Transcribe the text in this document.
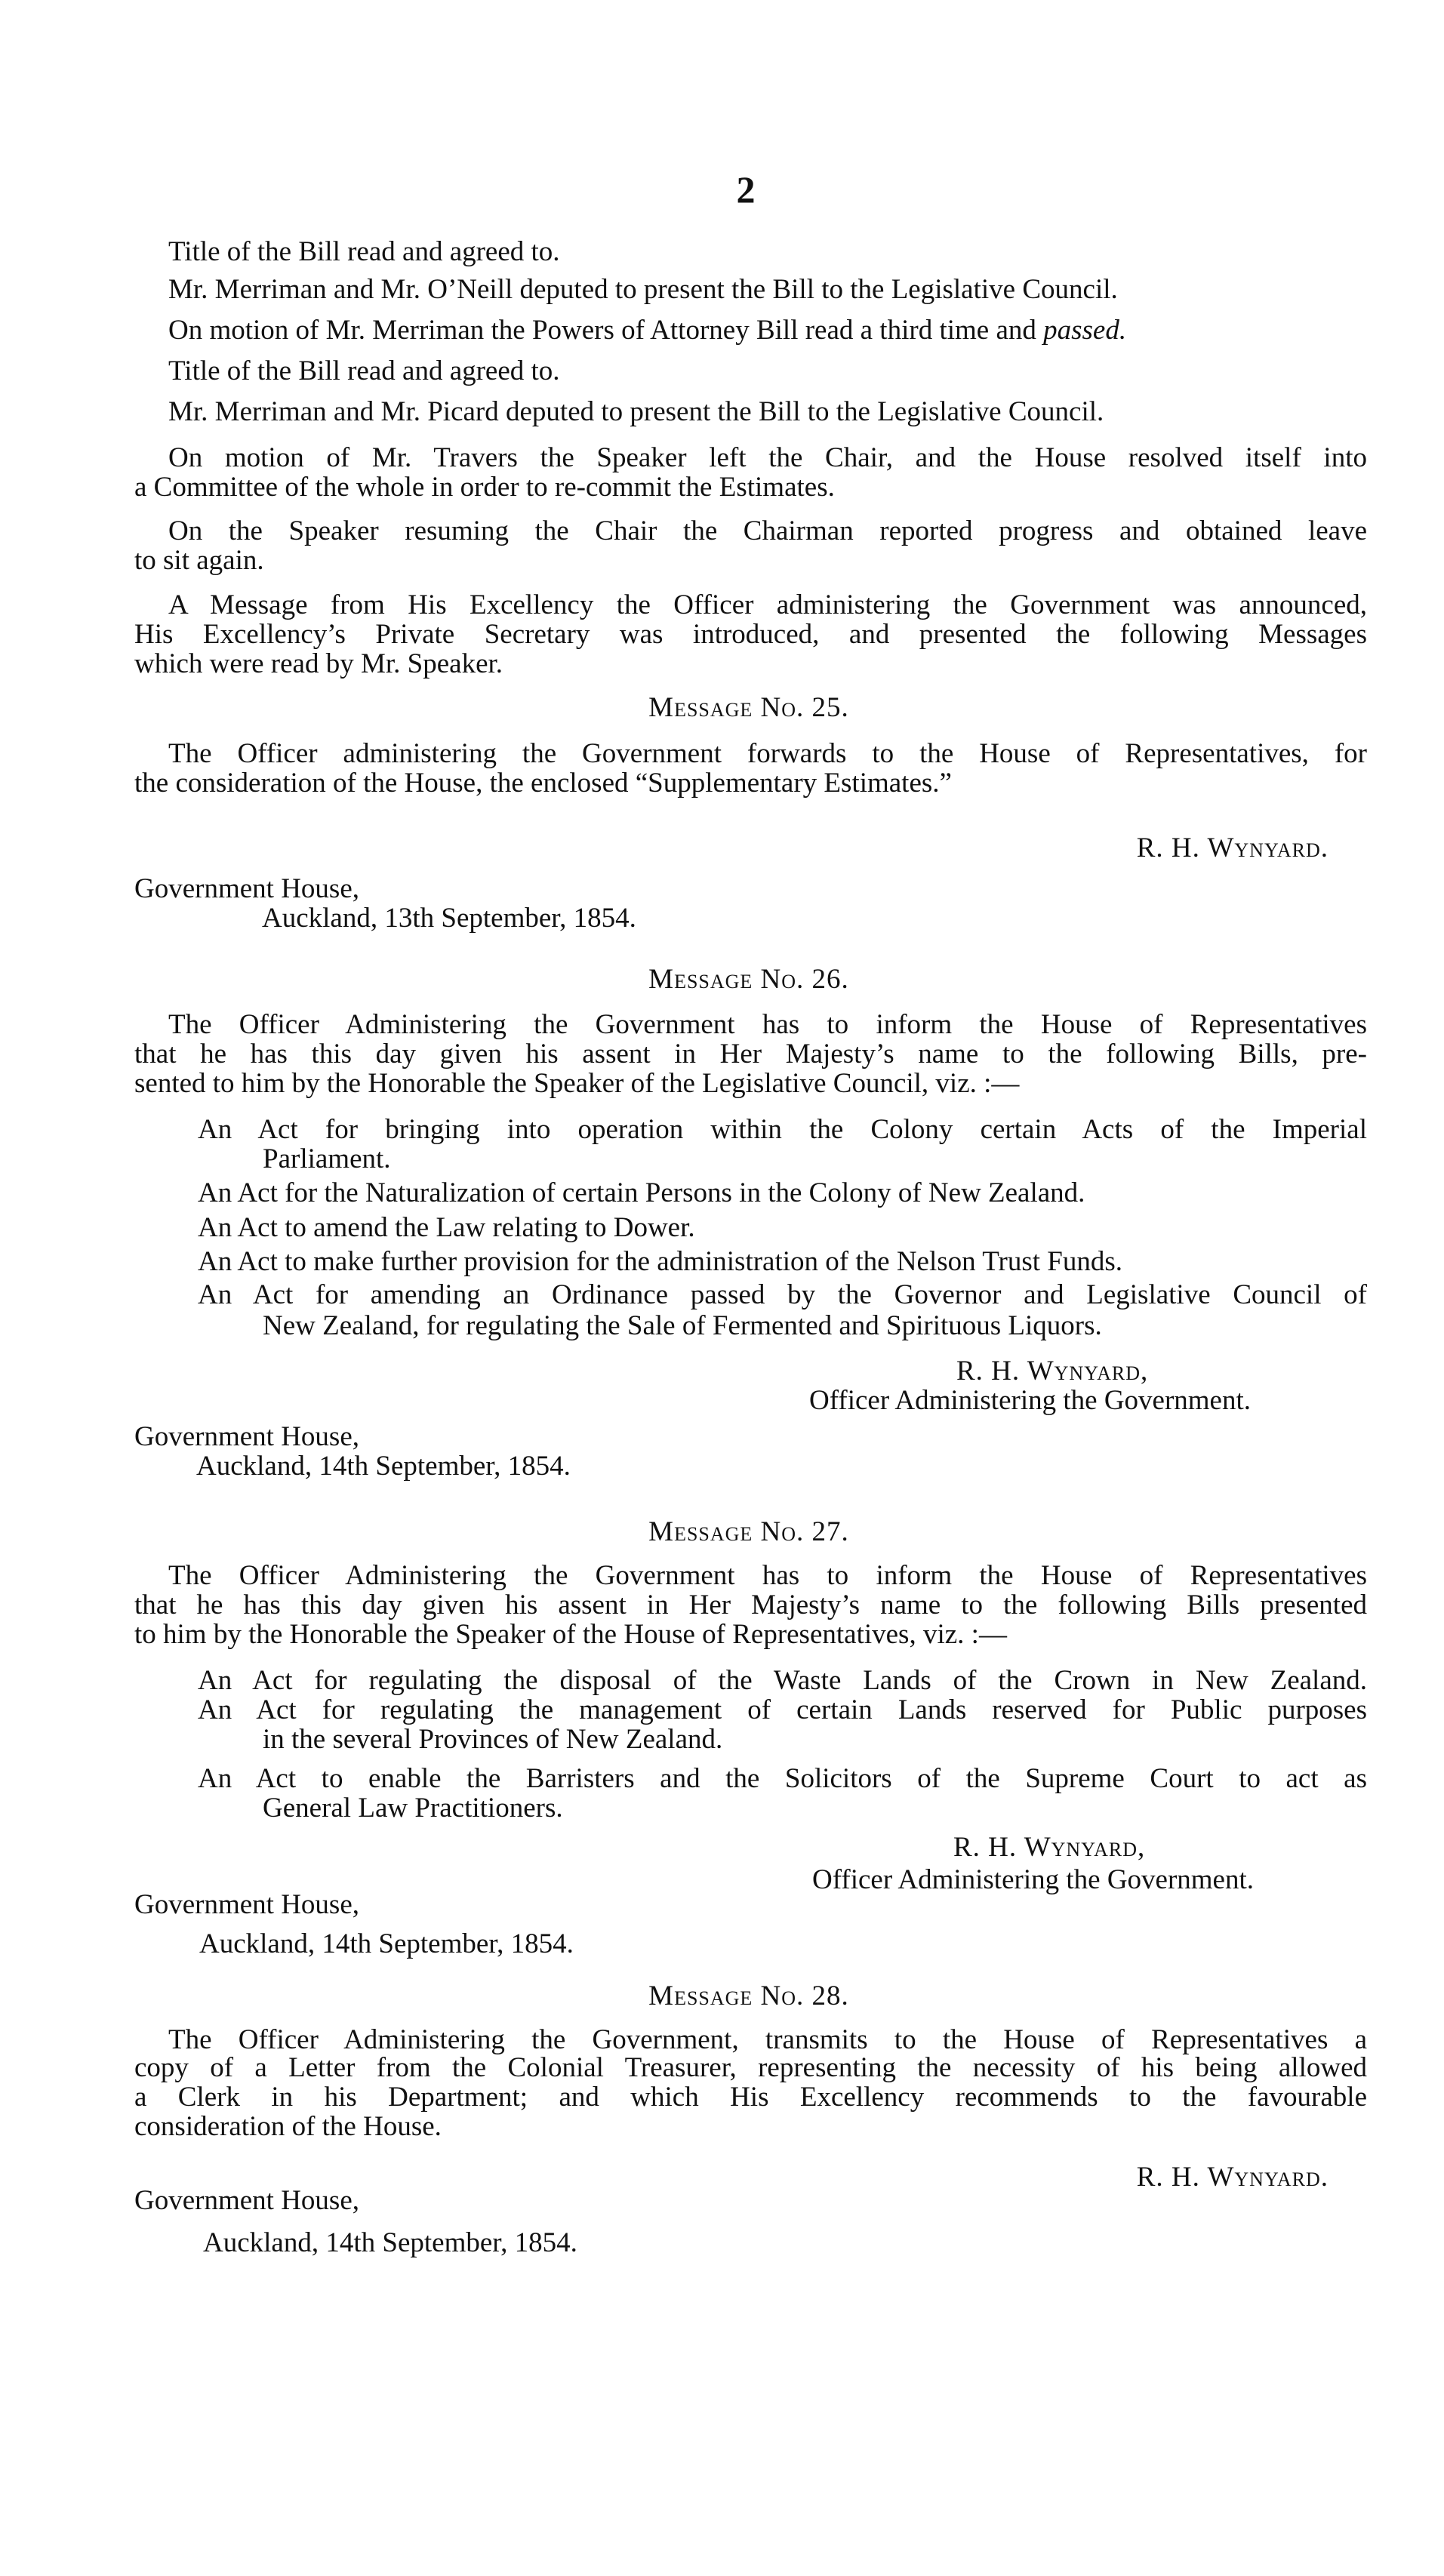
2
Title of the Bill read and agreed to.
Mr. Merriman and Mr. O’Neill deputed to present the Bill to the Legislative Council.
On motion of Mr. Merriman the Powers of Attorney Bill read a third time and passed.
Title of the Bill read and agreed to.
Mr. Merriman and Mr. Picard deputed to present the Bill to the Legislative Council.
On motion of Mr. Travers the Speaker left the Chair, and the House resolved itself into
a Committee of the whole in order to re-commit the Estimates.
On the Speaker resuming the Chair the Chairman reported progress and obtained leave
to sit again.
A Message from His Excellency the Officer administering the Government was announced,
His Excellency’s Private Secretary was introduced, and presented the following Messages
which were read by Mr. Speaker.
Message No. 25.
The Officer administering the Government forwards to the House of Representatives, for
the consideration of the House, the enclosed “Supplementary Estimates.”
R. H. Wynyard.
Government House,
Auckland, 13th September, 1854.
Message No. 26.
The Officer Administering the Government has to inform the House of Representatives
that he has this day given his assent in Her Majesty’s name to the following Bills, pre-
sented to him by the Honorable the Speaker of the Legislative Council, viz. :—
An Act for bringing into operation within the Colony certain Acts of the Imperial
Parliament.
An Act for the Naturalization of certain Persons in the Colony of New Zealand.
An Act to amend the Law relating to Dower.
An Act to make further provision for the administration of the Nelson Trust Funds.
An Act for amending an Ordinance passed by the Governor and Legislative Council of
New Zealand, for regulating the Sale of Fermented and Spirituous Liquors.
R. H. Wynyard,
Officer Administering the Government.
Government House,
Auckland, 14th September, 1854.
Message No. 27.
The Officer Administering the Government has to inform the House of Representatives
that he has this day given his assent in Her Majesty’s name to the following Bills presented
to him by the Honorable the Speaker of the House of Representatives, viz. :—
An Act for regulating the disposal of the Waste Lands of the Crown in New Zealand.
An Act for regulating the management of certain Lands reserved for Public purposes
in the several Provinces of New Zealand.
An Act to enable the Barristers and the Solicitors of the Supreme Court to act as
General Law Practitioners.
R. H. Wynyard,
Officer Administering the Government.
Government House,
Auckland, 14th September, 1854.
Message No. 28.
The Officer Administering the Government, transmits to the House of Representatives a
copy of a Letter from the Colonial Treasurer, representing the necessity of his being allowed
a Clerk in his Department; and which His Excellency recommends to the favourable
consideration of the House.
R. H. Wynyard.
Government House,
Auckland, 14th September, 1854.
